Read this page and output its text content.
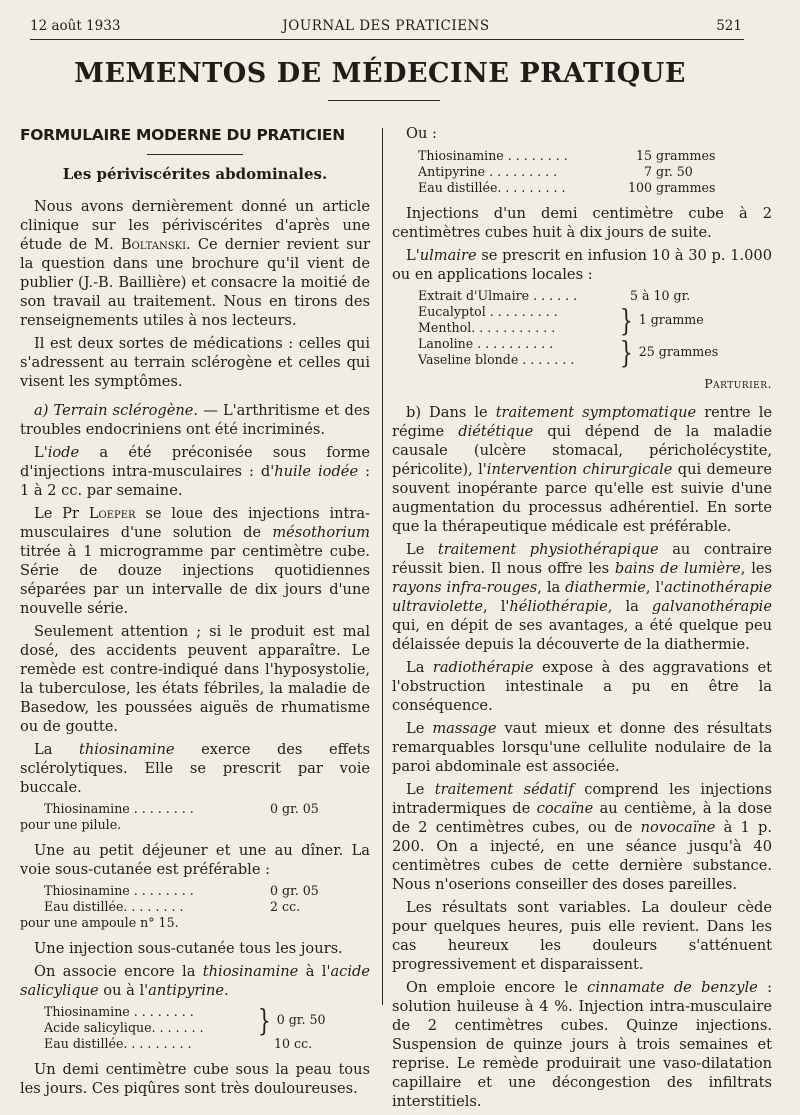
12 août 1933	JOURNAL DES PRATICIENS	521
MEMENTOS DE MÉDECINE PRATIQUE
FORMULAIRE MODERNE DU PRATICIEN
Les périviscérites abdominales.

Nous avons dernièrement donné un article clinique sur les périviscérites d'après une étude de M. Boltanski. Ce dernier revient sur la question dans une brochure qu'il vient de publier (J.-B. Baillière) et consacre la moitié de son travail au traitement. Nous en tirons des renseignements utiles à nos lecteurs.

Il est deux sortes de médications : celles qui s'adressent au terrain sclérogène et celles qui visent les symptômes.

a) Terrain sclérogène. — L'arthritisme et des troubles endocriniens ont été incriminés.

L'iode a été préconisée sous forme d'injections intra-musculaires : d'huile iodée : 1 à 2 cc. par semaine.

Le Pr Loeper se loue des injections intra-musculaires d'une solution de mésothorium titrée à 1 microgramme par centimètre cube. Série de douze injections quotidiennes séparées par un intervalle de dix jours d'une nouvelle série.

Seulement attention ; si le produit est mal dosé, des accidents peuvent apparaître. Le remède est contre-indiqué dans l'hyposystolie, la tuberculose, les états fébriles, la maladie de Basedow, les poussées aiguës de rhumatisme ou de goutte.

La thiosinamine exerce des effets sclérolytiques. Elle se prescrit par voie buccale.

Thiosinamine . . . . . . . .	0 gr. 05
pour une pilule.

Une au petit déjeuner et une au dîner. La voie sous-cutanée est préférable :

Thiosinamine . . . . . . . .	0 gr. 05
Eau distillée. . . . . . . .	2 cc.
pour une ampoule n° 15.

Une injection sous-cutanée tous les jours.

On associe encore la thiosinamine à l'acide salicylique ou à l'antipyrine.

Thiosinamine . . . . . . . .
Acide salicylique. . . . . . .	} 0 gr. 50
Eau distillée. . . . . . . . .	10 cc.

Un demi centimètre cube sous la peau tous les jours. Ces piqûres sont très douloureuses.

Ou :
Thiosinamine . . . . . . . .	15 grammes
Antipyrine . . . . . . . . .	7 gr. 50
Eau distillée. . . . . . . . .	100 grammes

Injections d'un demi centimètre cube à 2 centimètres cubes huit à dix jours de suite.

L'ulmaire se prescrit en infusion 10 à 30 p. 1.000 ou en applications locales :

Extrait d'Ulmaire . . . . . .	5 à 10 gr.
Eucalyptol . . . . . . . . .
Menthol. . . . . . . . . . .	} 1 gramme
Lanoline . . . . . . . . . .
Vaseline blonde . . . . . . .	} 25 grammes
Parturier.

b) Dans le traitement symptomatique rentre le régime diététique qui dépend de la maladie causale (ulcère stomacal, péricholécystite, péricolite), l'intervention chirurgicale qui demeure souvent inopérante parce qu'elle est suivie d'une augmentation du processus adhérentiel. En sorte que la thérapeutique médicale est préférable.

Le traitement physiothérapique au contraire réussit bien. Il nous offre les bains de lumière, les rayons infra-rouges, la diathermie, l'actinothérapie ultraviolette, l'héliothérapie, la galvanothérapie qui, en dépit de ses avantages, a été quelque peu délaissée depuis la découverte de la diathermie.

La radiothérapie expose à des aggravations et l'obstruction intestinale a pu en être la conséquence.

Le massage vaut mieux et donne des résultats remarquables lorsqu'une cellulite nodulaire de la paroi abdominale est associée.

Le traitement sédatif comprend les injections intradermiques de cocaïne au centième, à la dose de 2 centimètres cubes, ou de novocaïne à 1 p. 200. On a injecté, en une séance jusqu'à 40 centimètres cubes de cette dernière substance. Nous n'oserions conseiller des doses pareilles.

Les résultats sont variables. La douleur cède pour quelques heures, puis elle revient. Dans les cas heureux les douleurs s'atténuent progressivement et disparaissent.

On emploie encore le cinnamate de benzyle : solution huileuse à 4 %. Injection intra-musculaire de 2 centimètres cubes. Quinze injections. Suspension de quinze jours à trois semaines et reprise. Le remède produirait une vaso-dilatation capillaire et une décongestion des infiltrats interstitiels.
